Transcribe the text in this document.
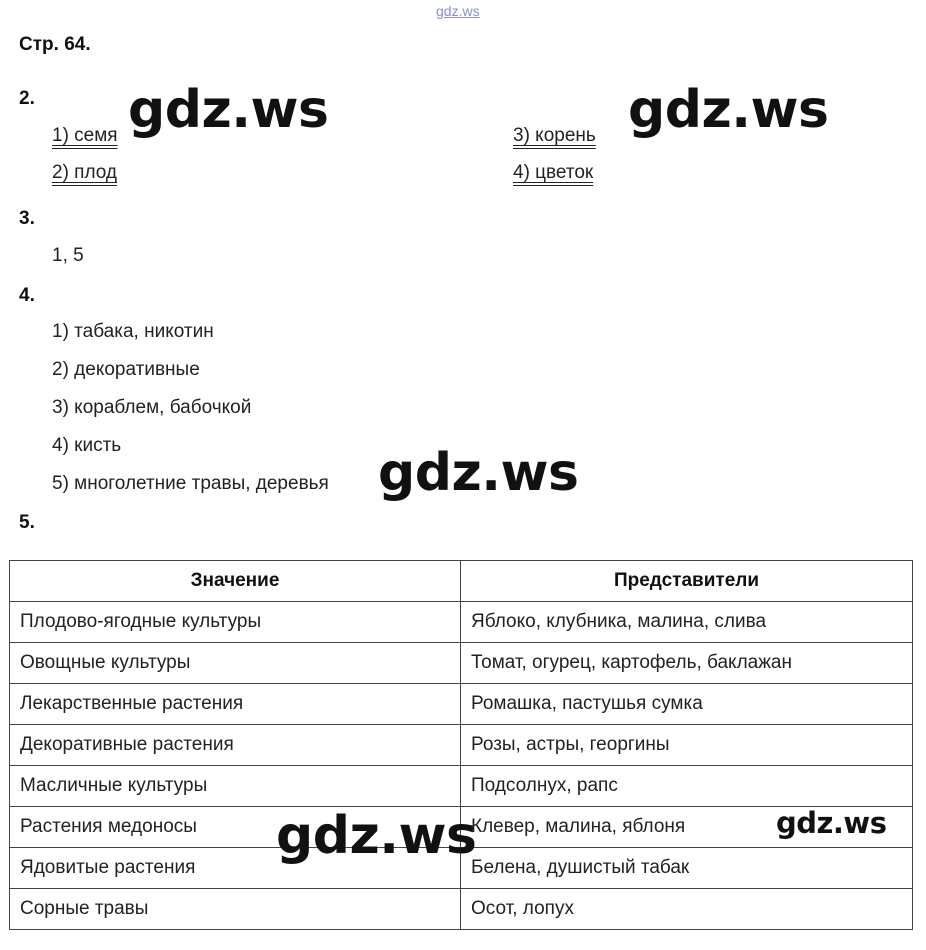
gdz.ws
Стр. 64.
2.
1) семя
2) плод
3) корень
4) цветок
3.
1, 5
4.
1) табака, никотин
2) декоративные
3) кораблем, бабочкой
4) кисть
5) многолетние травы, деревья
5.
Значение	Представители
Плодово-ягодные культуры	Яблоко, клубника, малина, слива
Овощные культуры	Томат, огурец, картофель, баклажан
Лекарственные растения	Ромашка, пастушья сумка
Декоративные растения	Розы, астры, георгины
Масличные культуры	Подсолнух, рапс
Растения медоносы	Клевер, малина, яблоня
Ядовитые растения	Белена, душистый табак
Сорные травы	Осот, лопух
gdz.ws	gdz.ws
gdz.ws
gdz.ws	gdz.ws
